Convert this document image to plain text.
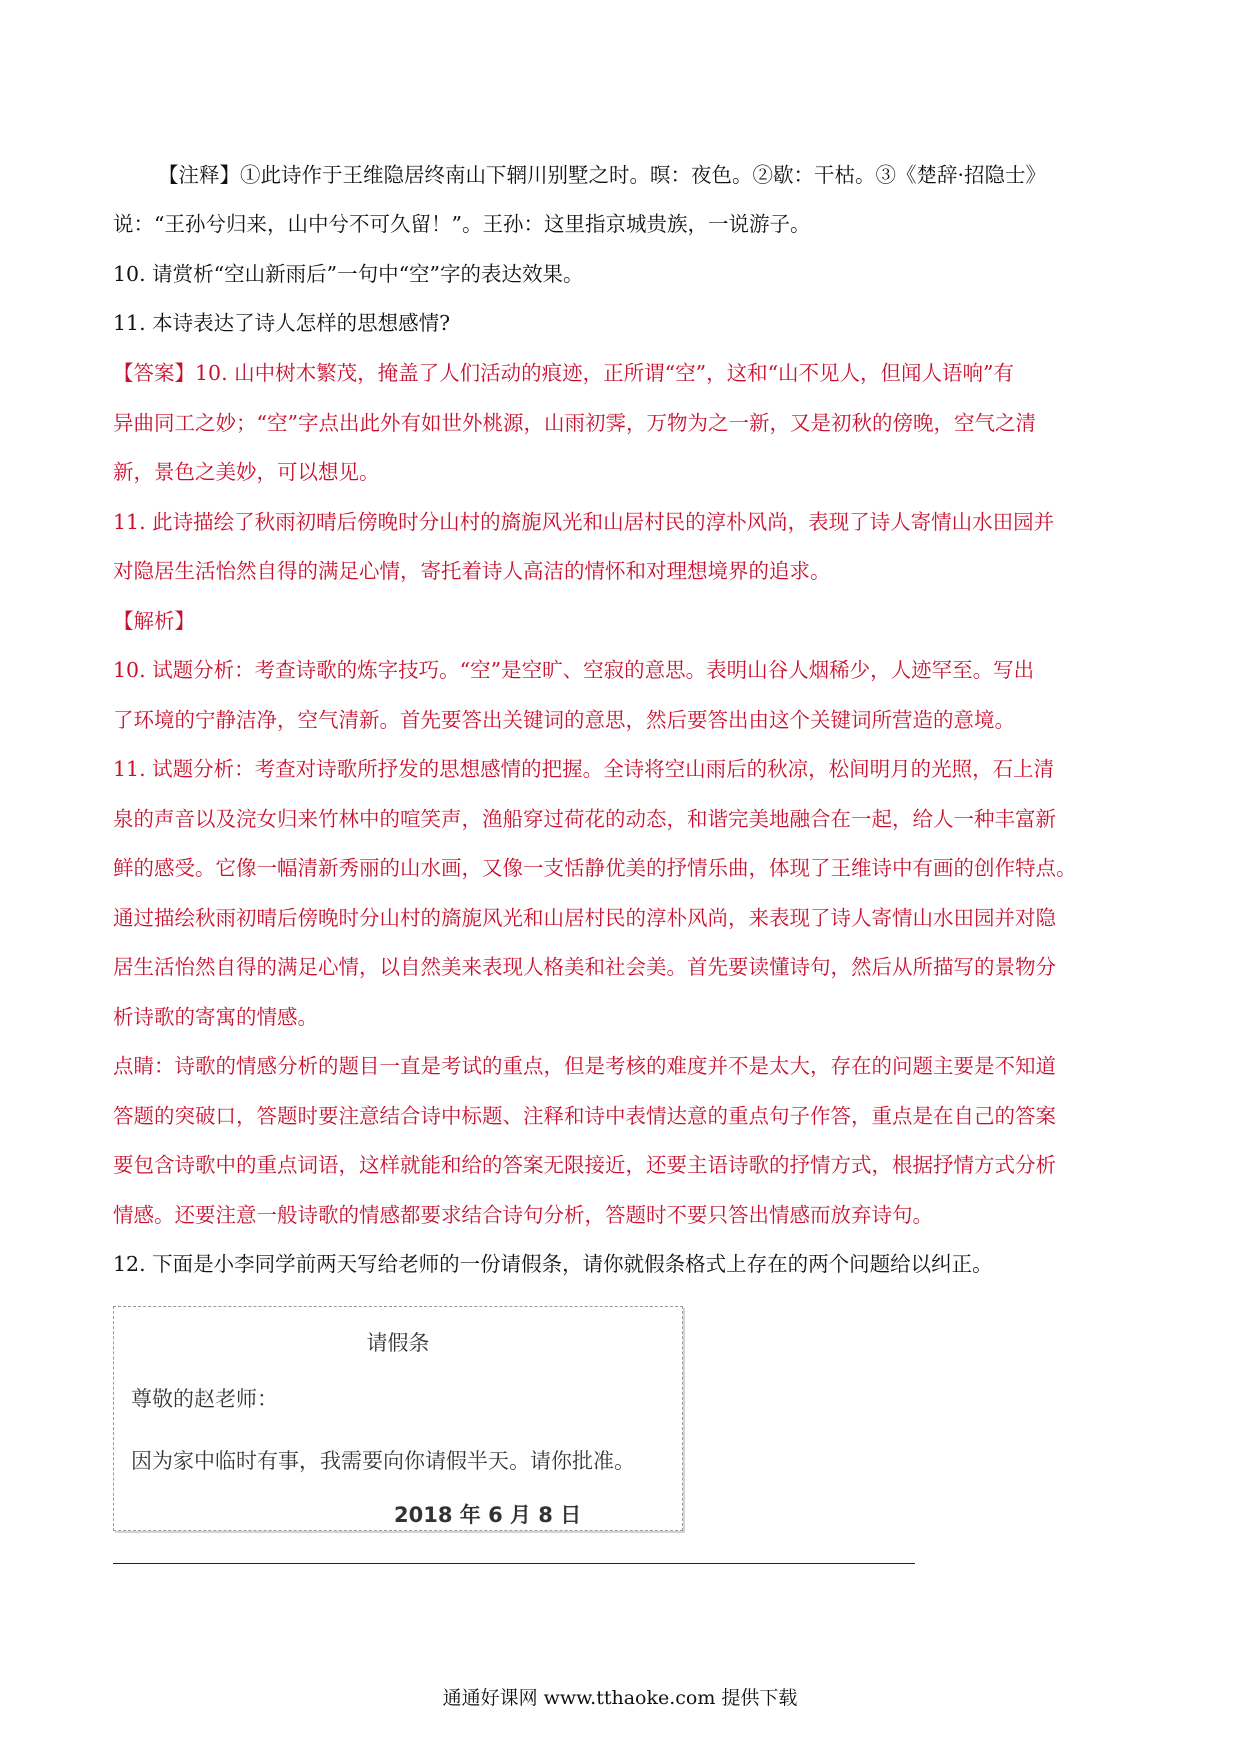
【注释】①此诗作于王维隐居终南山下辋川别墅之时。暝：夜色。②歇：干枯。③《楚辞·招隐士》
说：“王孙兮归来，山中兮不可久留！”。王孙：这里指京城贵族，一说游子。
10. 请赏析“空山新雨后”一句中“空”字的表达效果。
11. 本诗表达了诗人怎样的思想感情?
【答案】10. 山中树木繁茂，掩盖了人们活动的痕迹，正所谓“空”，这和“山不见人，但闻人语响”有
异曲同工之妙；“空”字点出此外有如世外桃源，山雨初霁，万物为之一新，又是初秋的傍晚，空气之清
新，景色之美妙，可以想见。
11. 此诗描绘了秋雨初晴后傍晚时分山村的旖旎风光和山居村民的淳朴风尚，表现了诗人寄情山水田园并
对隐居生活怡然自得的满足心情，寄托着诗人高洁的情怀和对理想境界的追求。
【解析】
10. 试题分析：考查诗歌的炼字技巧。“空”是空旷、空寂的意思。表明山谷人烟稀少，人迹罕至。写出
了环境的宁静洁净，空气清新。首先要答出关键词的意思，然后要答出由这个关键词所营造的意境。
11. 试题分析：考查对诗歌所抒发的思想感情的把握。全诗将空山雨后的秋凉，松间明月的光照，石上清
泉的声音以及浣女归来竹林中的喧笑声，渔船穿过荷花的动态，和谐完美地融合在一起，给人一种丰富新
鲜的感受。它像一幅清新秀丽的山水画，又像一支恬静优美的抒情乐曲，体现了王维诗中有画的创作特点。
通过描绘秋雨初晴后傍晚时分山村的旖旎风光和山居村民的淳朴风尚，来表现了诗人寄情山水田园并对隐
居生活怡然自得的满足心情，以自然美来表现人格美和社会美。首先要读懂诗句，然后从所描写的景物分
析诗歌的寄寓的情感。
点睛：诗歌的情感分析的题目一直是考试的重点，但是考核的难度并不是太大，存在的问题主要是不知道
答题的突破口，答题时要注意结合诗中标题、注释和诗中表情达意的重点句子作答，重点是在自己的答案
要包含诗歌中的重点词语，这样就能和给的答案无限接近，还要主语诗歌的抒情方式，根据抒情方式分析
情感。还要注意一般诗歌的情感都要求结合诗句分析，答题时不要只答出情感而放弃诗句。
12. 下面是小李同学前两天写给老师的一份请假条，请你就假条格式上存在的两个问题给以纠正。
请假条
尊敬的赵老师：
因为家中临时有事，我需要向你请假半天。请你批准。
2018 年 6 月 8 日
通通好课网 www.tthaoke.com 提供下载
